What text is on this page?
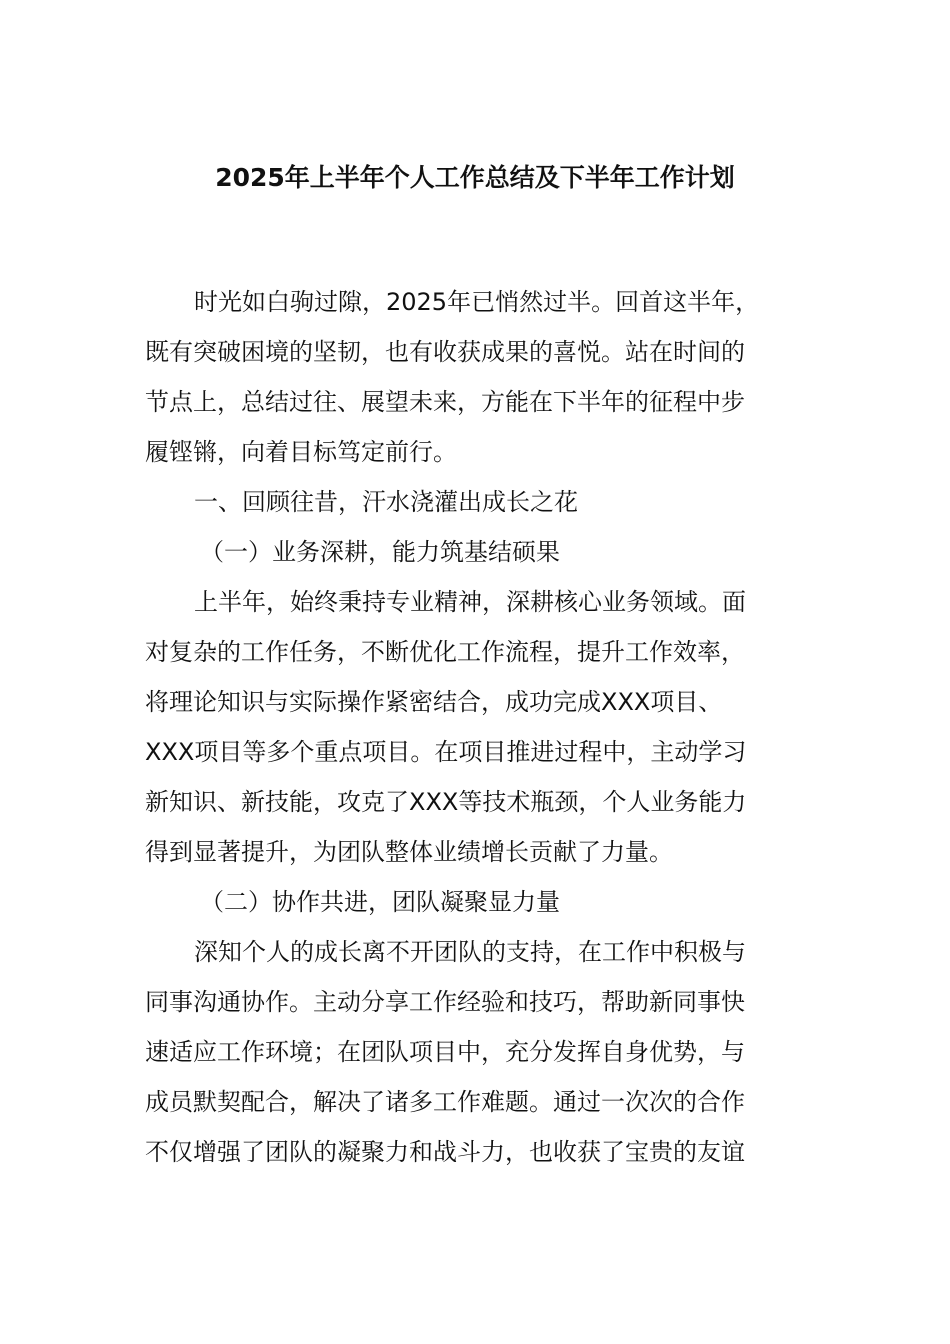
2025年上半年个人工作总结及下半年工作计划
时光如白驹过隙，2025年已悄然过半。回首这半年，
既有突破困境的坚韧，也有收获成果的喜悦。站在时间的
节点上，总结过往、展望未来，方能在下半年的征程中步
履铿锵，向着目标笃定前行。
一、回顾往昔，汗水浇灌出成长之花
（一）业务深耕，能力筑基结硕果
上半年，始终秉持专业精神，深耕核心业务领域。面
对复杂的工作任务，不断优化工作流程，提升工作效率，
将理论知识与实际操作紧密结合，成功完成XXX项目、
XXX项目等多个重点项目。在项目推进过程中，主动学习
新知识、新技能，攻克了XXX等技术瓶颈，个人业务能力
得到显著提升，为团队整体业绩增长贡献了力量。
（二）协作共进，团队凝聚显力量
深知个人的成长离不开团队的支持，在工作中积极与
同事沟通协作。主动分享工作经验和技巧，帮助新同事快
速适应工作环境；在团队项目中，充分发挥自身优势，与
成员默契配合，解决了诸多工作难题。通过一次次的合作
不仅增强了团队的凝聚力和战斗力，也收获了宝贵的友谊
